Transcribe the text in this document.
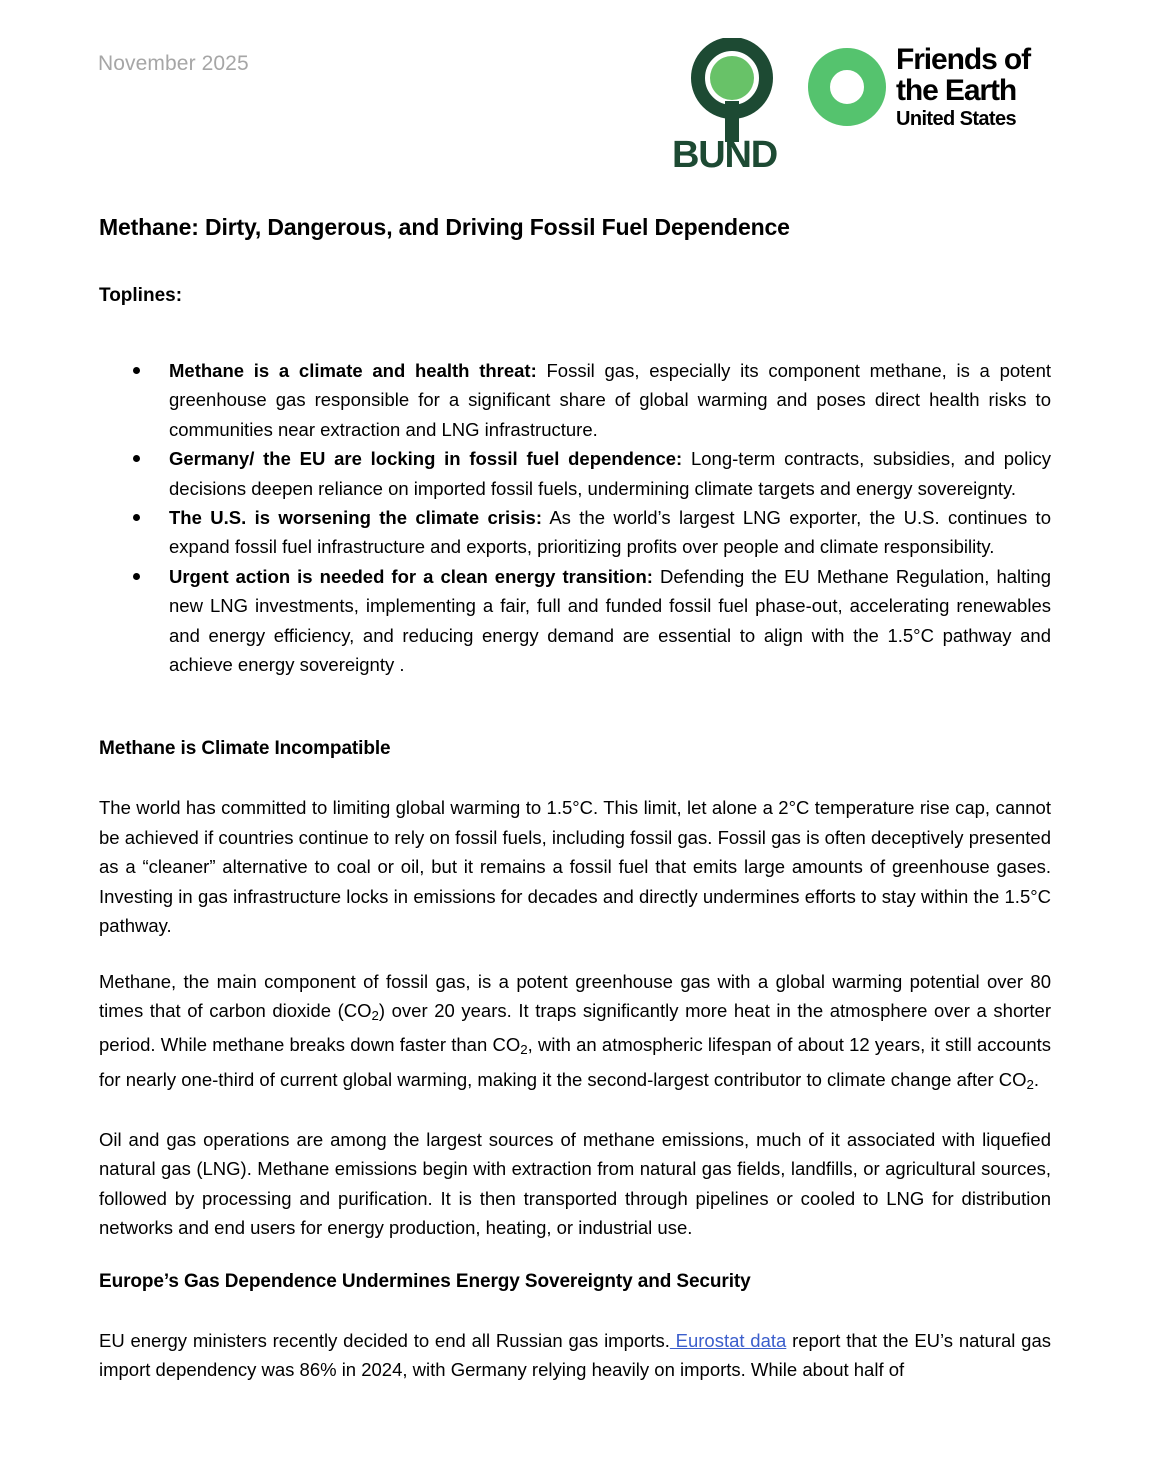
November 2025
BUND
Friends of
the Earth
United States
Methane: Dirty, Dangerous, and Driving Fossil Fuel Dependence
Toplines:
Methane is a climate and health threat: Fossil gas, especially its component methane, is a potent greenhouse gas responsible for a significant share of global warming and poses direct health risks to communities near extraction and LNG infrastructure.
Germany/ the EU are locking in fossil fuel dependence: Long-term contracts, subsidies, and policy decisions deepen reliance on imported fossil fuels, undermining climate targets and energy sovereignty.
The U.S. is worsening the climate crisis: As the world’s largest LNG exporter, the U.S. continues to expand fossil fuel infrastructure and exports, prioritizing profits over people and climate responsibility.
Urgent action is needed for a clean energy transition: Defending the EU Methane Regulation, halting new LNG investments, implementing a fair, full and funded fossil fuel phase-out, accelerating renewables and energy efficiency, and reducing energy demand are essential to align with the 1.5°C pathway and achieve energy sovereignty .
Methane is Climate Incompatible

The world has committed to limiting global warming to 1.5°C. This limit, let alone a 2°C temperature rise cap, cannot be achieved if countries continue to rely on fossil fuels, including fossil gas. Fossil gas is often deceptively presented as a “cleaner” alternative to coal or oil, but it remains a fossil fuel that emits large amounts of greenhouse gases. Investing in gas infrastructure locks in emissions for decades and directly undermines efforts to stay within the 1.5°C pathway.

Methane, the main component of fossil gas, is a potent greenhouse gas with a global warming potential over 80 times that of carbon dioxide $(CO_2)$ over 20 years. It traps significantly more heat in the atmosphere over a shorter period. While methane breaks down faster than $CO_2$, with an atmospheric lifespan of about 12 years, it still accounts for nearly one-third of current global warming, making it the second-largest contributor to climate change after $CO_2$.

Oil and gas operations are among the largest sources of methane emissions, much of it associated with liquefied natural gas (LNG). Methane emissions begin with extraction from natural gas fields, landfills, or agricultural sources, followed by processing and purification. It is then transported through pipelines or cooled to LNG for distribution networks and end users for energy production, heating, or industrial use.

Europe’s Gas Dependence Undermines Energy Sovereignty and Security

EU energy ministers recently decided to end all Russian gas imports. Eurostat data report that the EU’s natural gas import dependency was 86% in 2024, with Germany relying heavily on imports. While about half of
